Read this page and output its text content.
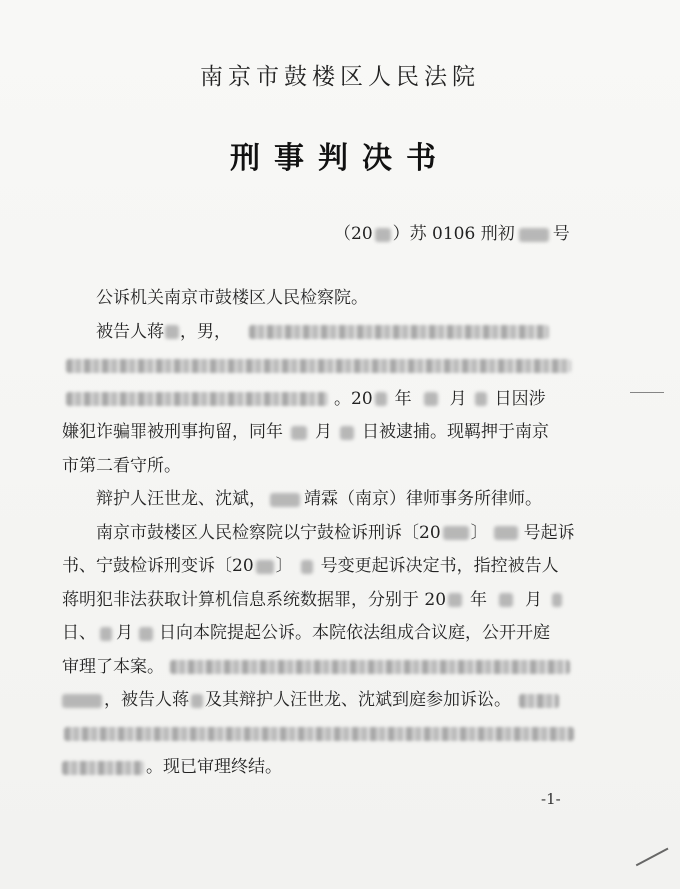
南京市鼓楼区人民法院
刑事判决书
（20 ）苏 0106 刑初 号
公诉机关南京市鼓楼区人民检察院。
被告人蒋 ，男，
。20 年 月 日因涉
嫌犯诈骗罪被刑事拘留，同年 月 日被逮捕。现羁押于南京
市第二看守所。
辩护人汪世龙、沈斌， 靖霖（南京）律师事务所律师。
南京市鼓楼区人民检察院以宁鼓检诉刑诉〔20 〕 号起诉
书、宁鼓检诉刑变诉〔20 〕 号变更起诉决定书，指控被告人
蒋明犯非法获取计算机信息系统数据罪，分别于 20 年 月
日、 月 日向本院提起公诉。本院依法组成合议庭，公开开庭
审理了本案。
，被告人蒋 及其辩护人汪世龙、沈斌到庭参加诉讼。
。现已审理终结。
-1-
